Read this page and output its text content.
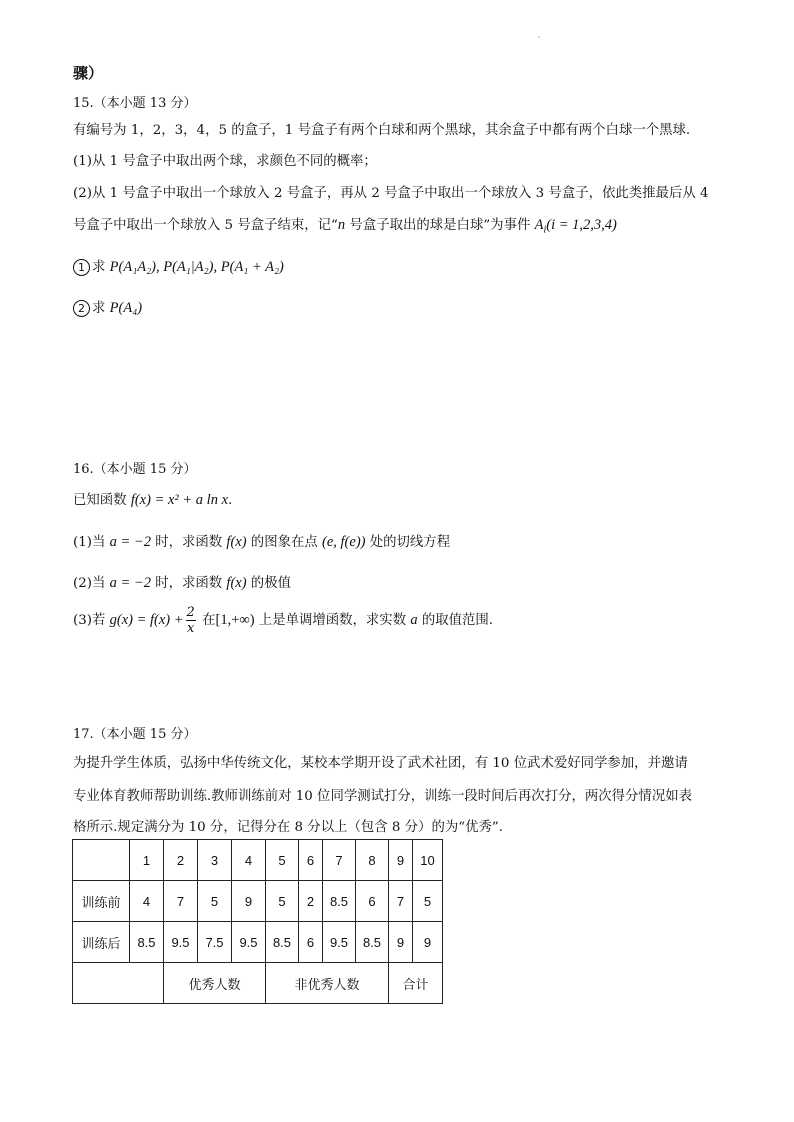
骤）
15.（本小题 13 分）
有编号为 1，2，3，4，5 的盒子，1 号盒子有两个白球和两个黑球，其余盒子中都有两个白球一个黑球.
(1)从 1 号盒子中取出两个球，求颜色不同的概率；
(2)从 1 号盒子中取出一个球放入 2 号盒子，再从 2 号盒子中取出一个球放入 3 号盒子，依此类推最后从 4
号盒子中取出一个球放入 5 号盒子结束，记“n 号盒子取出的球是白球”为事件 $A_i(i = 1,2,3,4)$
1 求 P(A₁A₂), P(A₁|A₂), P(A₁ + A₂)
2 求 P(A₄)
16.（本小题 15 分）
已知函数 f(x) = x² + a ln x.
(1)当 a = −2 时，求函数 f(x) 的图象在点 (e, f(e)) 处的切线方程
(2)当 a = −2 时，求函数 f(x) 的极值
(3)若 $g(x) = f(x) + \frac{2}{x}$ 在[1,+∞) 上是单调增函数，求实数 a 的取值范围.
17.（本小题 15 分）
为提升学生体质，弘扬中华传统文化，某校本学期开设了武术社团，有 10 位武术爱好同学参加，并邀请
专业体育教师帮助训练.教师训练前对 10 位同学测试打分，训练一段时间后再次打分，两次得分情况如表
格所示.规定满分为 10 分，记得分在 8 分以上（包含 8 分）的为“优秀”.
	1	2	3	4	5	6	7	8	9	10
训练前	4	7	5	9	5	2	8.5	6	7	5
训练后	8.5	9.5	7.5	9.5	8.5	6	9.5	8.5	9	9
		优秀人数			非优秀人数				合计	
